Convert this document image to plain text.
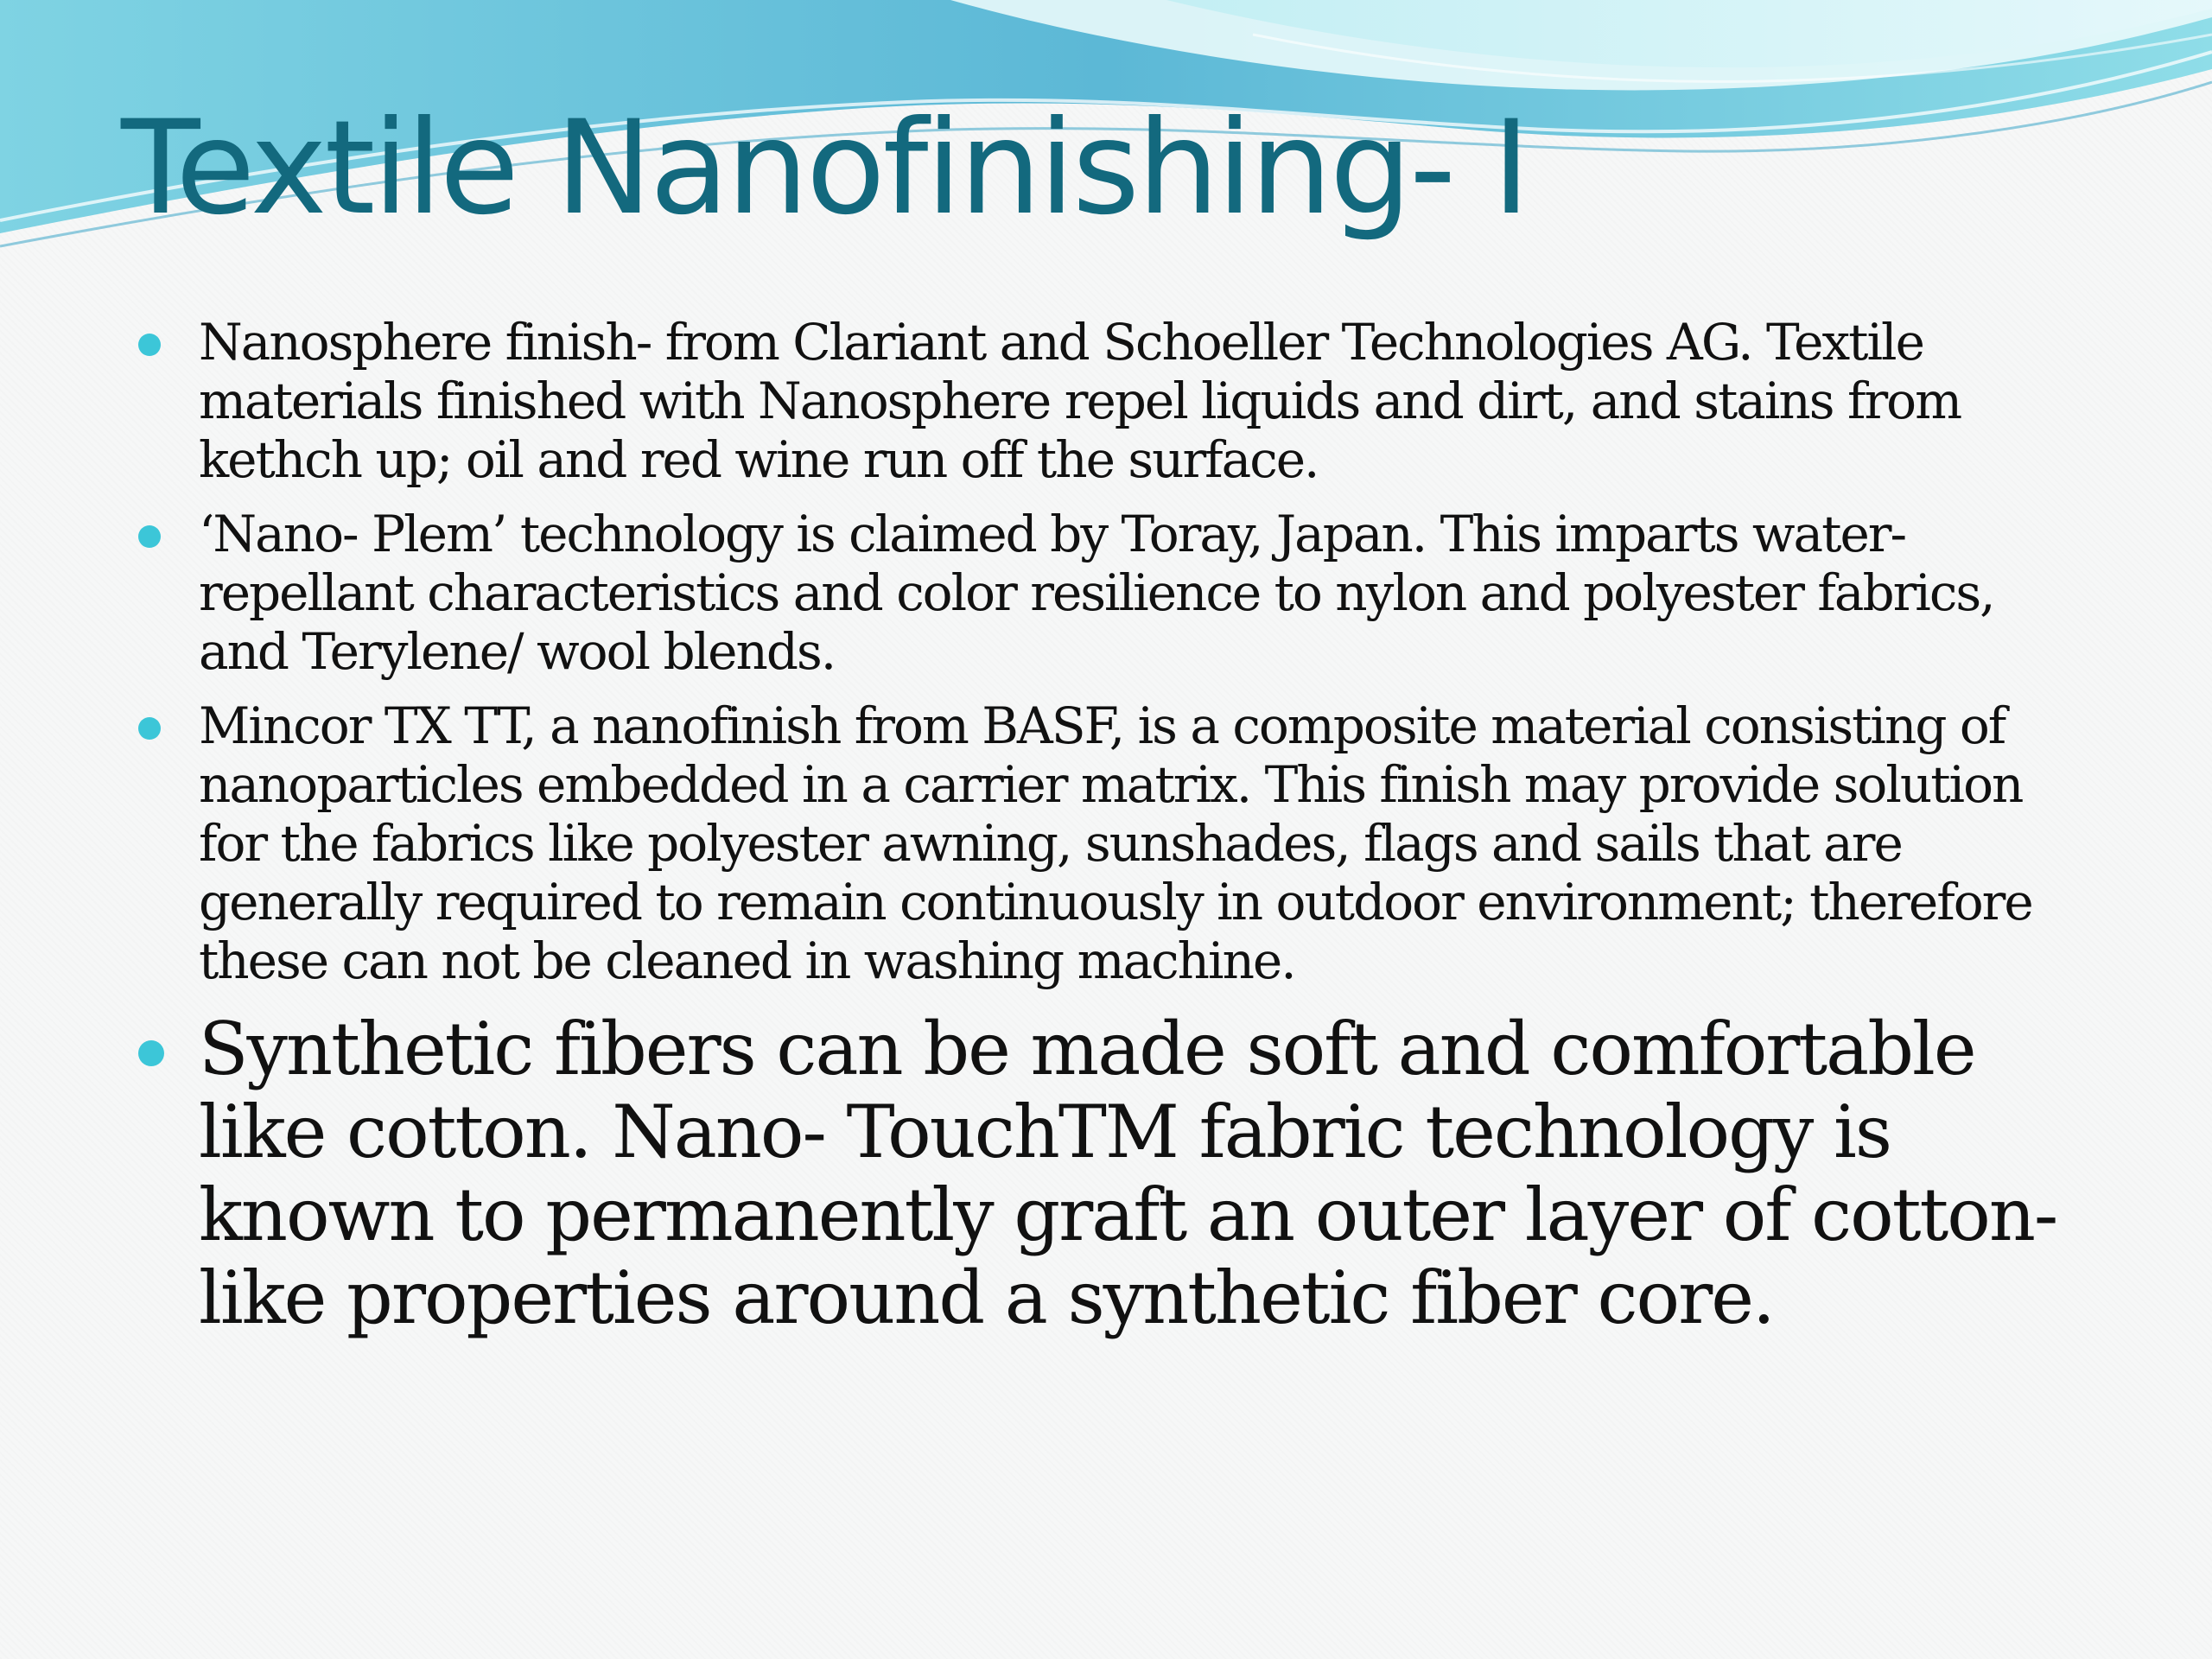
Textile Nanofinishing- I
Nanosphere finish- from Clariant and Schoeller Technologies AG. Textile materials finished with Nanosphere repel liquids and dirt, and stains from kethch up; oil and red wine run off the surface.
‘Nano- Plem’ technology is claimed by Toray, Japan. This imparts water- repellant characteristics and color resilience to nylon and polyester fabrics, and Terylene/ wool blends.
Mincor TX TT, a nanofinish from BASF, is a composite material consisting of nanoparticles embedded in a carrier matrix. This finish may provide solution for the fabrics like polyester awning, sunshades, flags and sails that are generally required to remain continuously in outdoor environment; therefore these can not be cleaned in washing machine.
Synthetic fibers can be made soft and comfortable like cotton. Nano- TouchTM fabric technology is known to permanently graft an outer layer of cotton- like properties around a synthetic fiber core.
